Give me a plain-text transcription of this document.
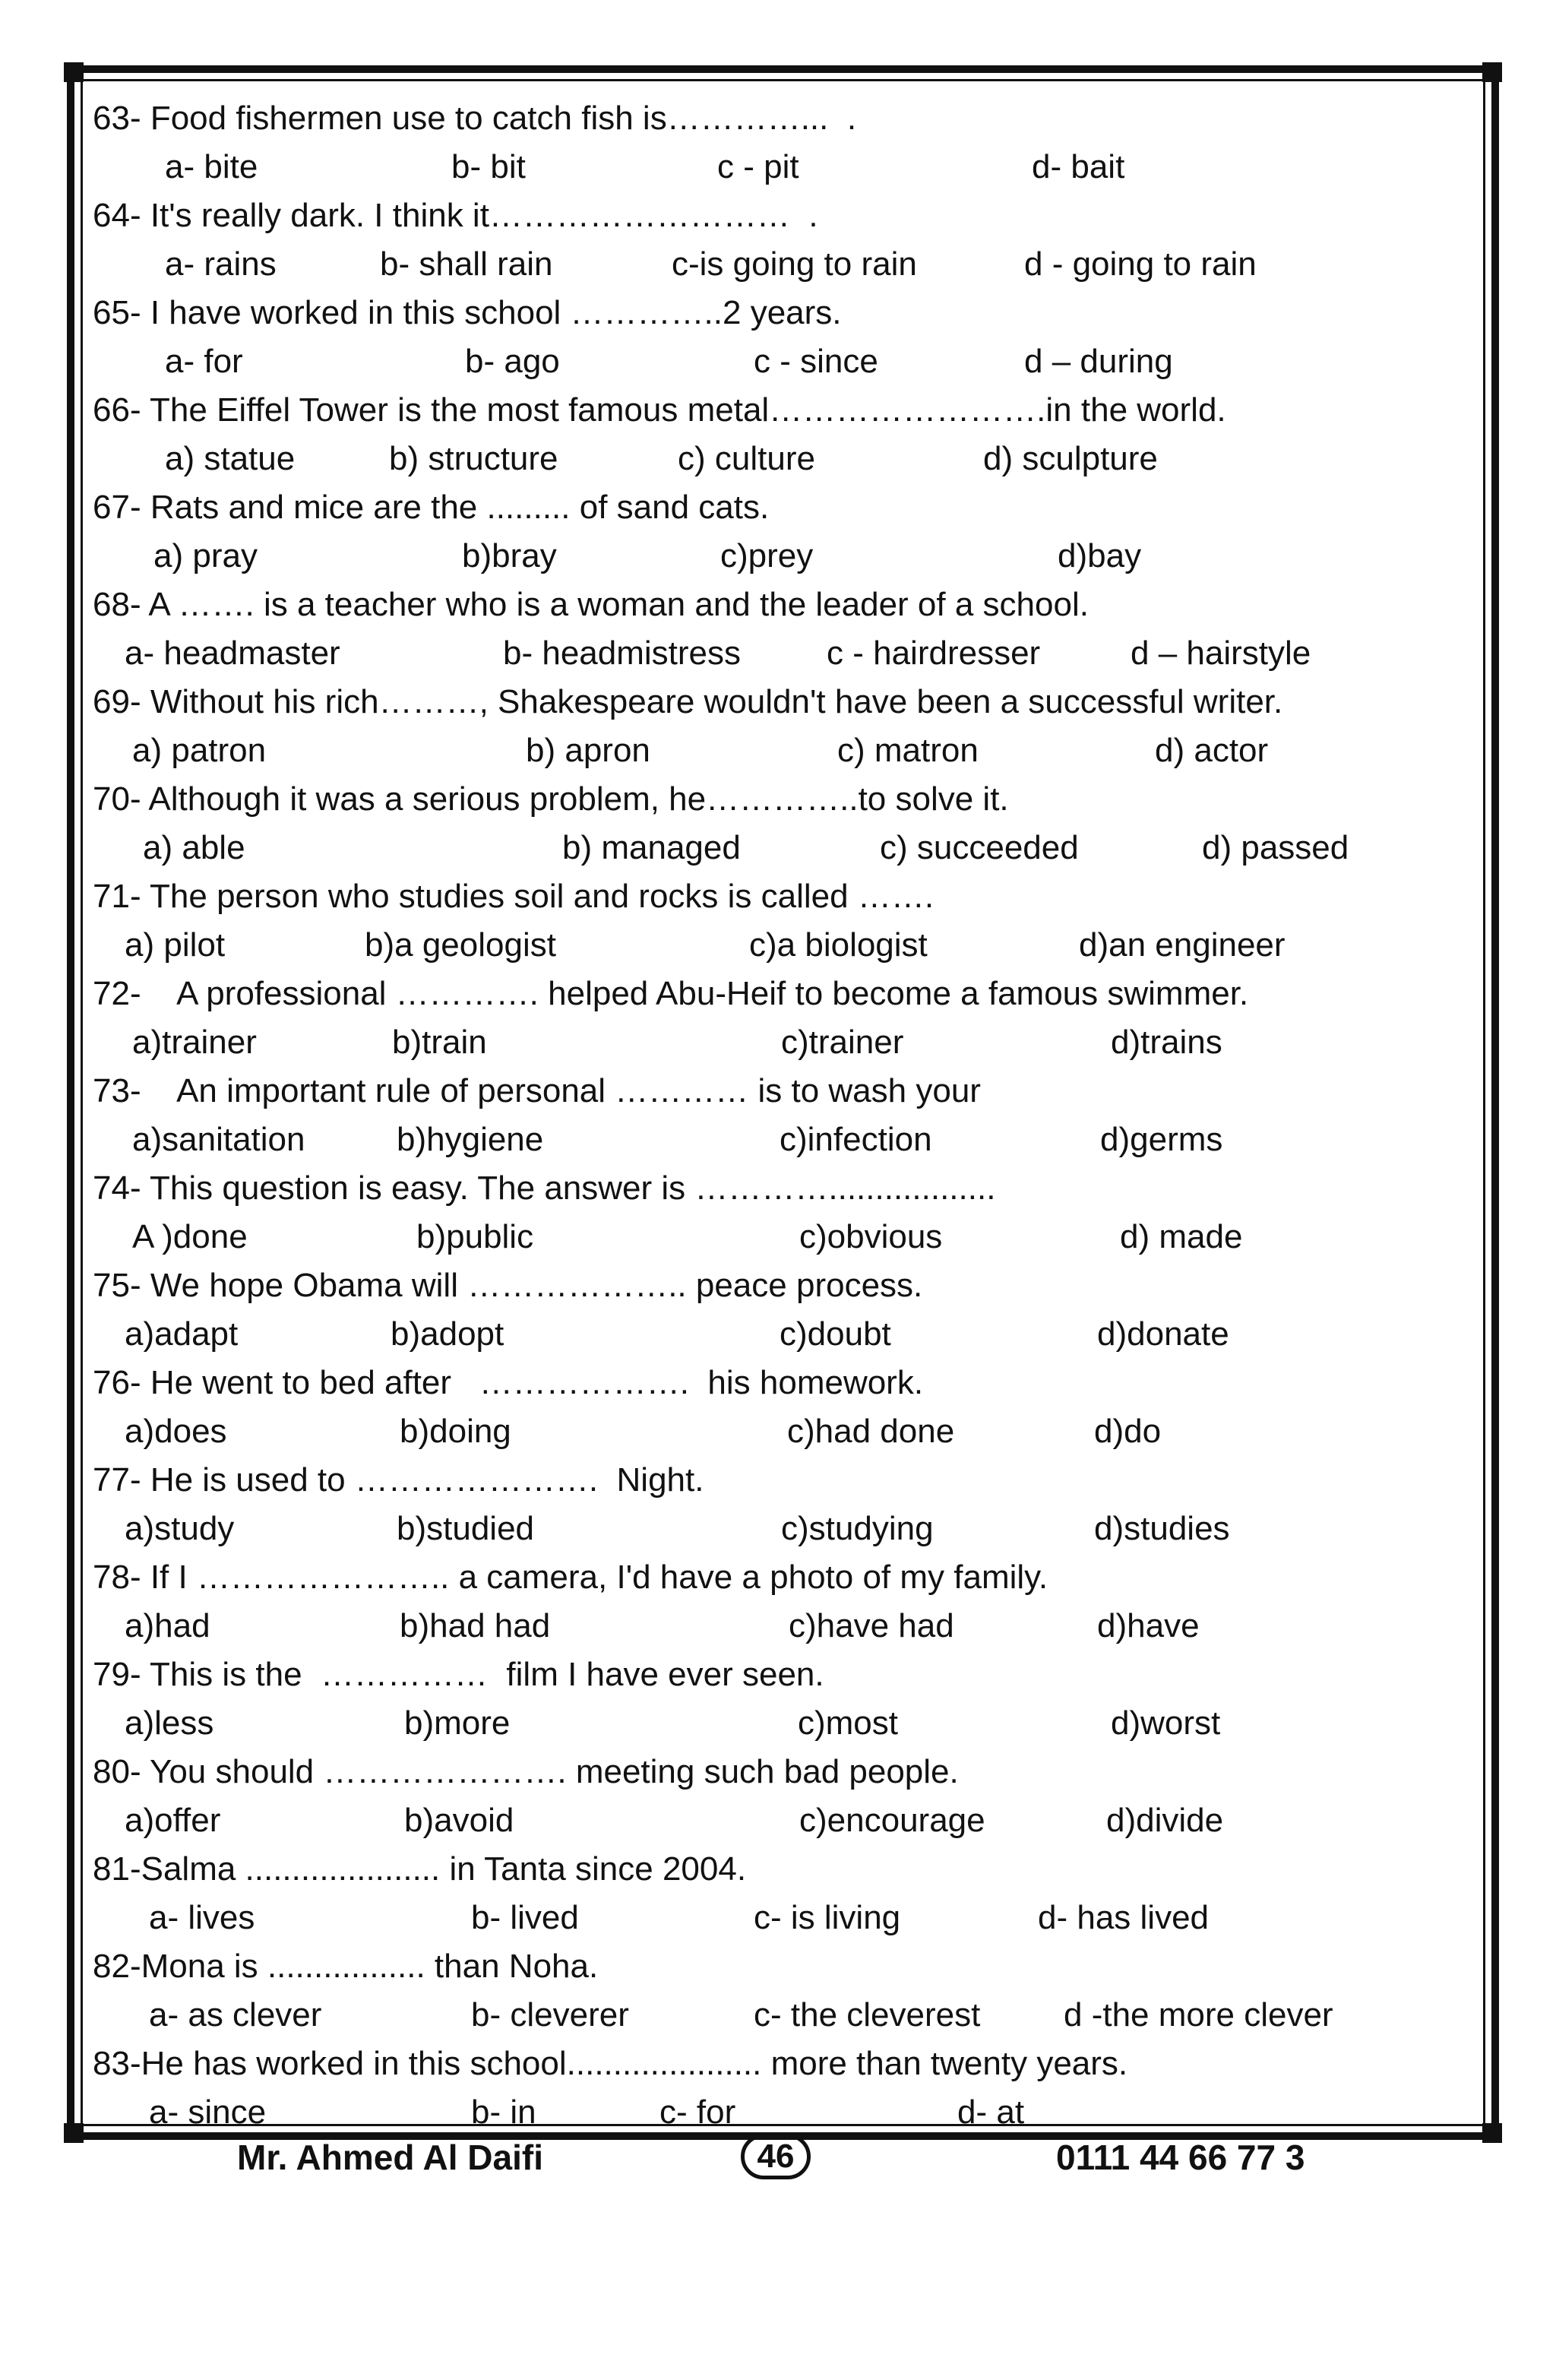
63- Food fishermen use to catch fish is…………...  .

a- bite

	b- bit

	c - pit

	d- bait

64- It's really dark. I think it………………………  .

a- rains

	b- shall rain

	c-is going to rain

	d - going to rain

65- I have worked in this school …………..2 years.

a- for

	b- ago

	c - since

	d – during

66- The Eiffel Tower is the most famous metal…………………….in the world.

a) statue

	b) structure

	c) culture

	d) sculpture

67- Rats and mice are the ......... of sand cats.

a) pray

	b)bray

	c)prey

	d)bay

68- A ……. is a teacher who is a woman and the leader of a school.

a- headmaster

	b- headmistress

	c - hairdresser

	d – hairstyle

69- Without his rich………, Shakespeare wouldn't have been a successful writer.

a) patron

	b) apron

	c) matron

	d) actor

70- Although it was a serious problem, he…………..to solve it.

a) able

	b) managed

	c) succeeded

	d) passed

71- The person who studies soil and rocks is called …….

a) pilot

	b)a geologist

	c)a biologist

	d)an engineer

72-    A professional …………. helped Abu-Heif to become a famous swimmer.

a)trainer

	b)train

	c)trainer

	d)trains

73-    An important rule of personal ………… is to wash your

a)sanitation

	b)hygiene

	c)infection

	d)germs

74- This question is easy. The answer is …………..................

A )done

	b)public

	c)obvious

	d) made

75- We hope Obama will ……………….. peace process.

a)adapt

	b)adopt

	c)doubt

	d)donate

76- He went to bed after   ……………….  his homework.

a)does

	b)doing

	c)had done

	d)do

77- He is used to ………………….  Night.

a)study

	b)studied

	c)studying

	d)studies

78- If I ………………….. a camera, I'd have a photo of my family.

a)had

	b)had had

	c)have had

	d)have

79- This is the  ……………  film I have ever seen.

a)less

	b)more

	c)most

	d)worst

80- You should …………………. meeting such bad people.

a)offer

	b)avoid

	c)encourage

	d)divide

81-Salma ..................... in Tanta since 2004.

a- lives

	b- lived

	c- is living

	d- has lived

82-Mona is ................. than Noha.

a- as clever

	b- cleverer

	c- the cleverest

d -the more clever

83-He has worked in this school..................... more than twenty years.

a- since

	b- in

	c- for

	d- at

Mr. Ahmed Al Daifi	46	0111 44 66 77 3
